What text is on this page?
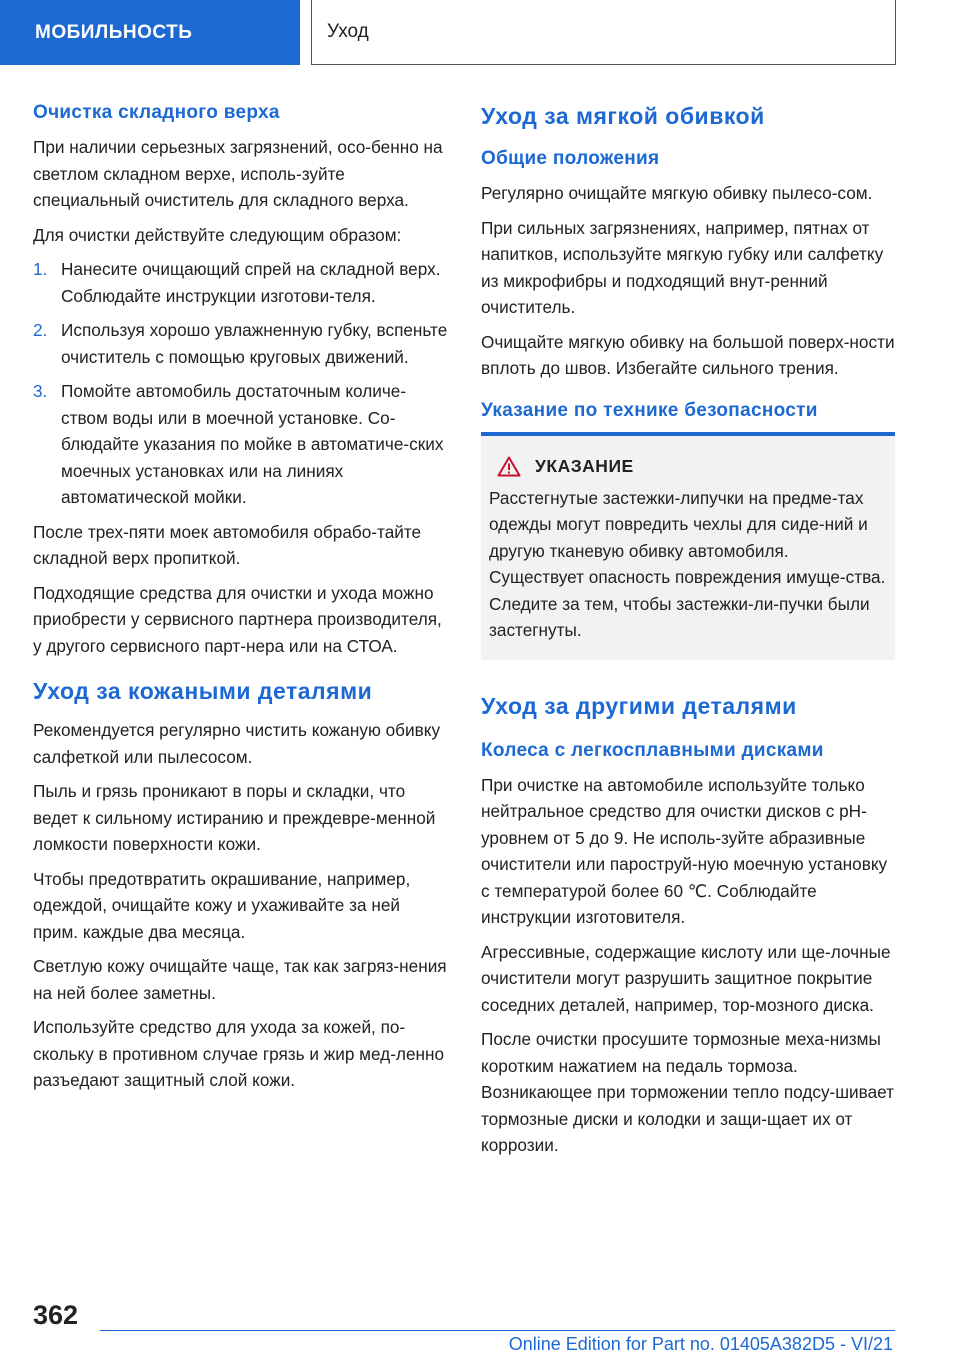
МОБИЛЬНОСТЬ	Уход
Очистка складного верха

При наличии серьезных загрязнений, осо-бенно на светлом складном верхе, исполь-зуйте специальный очиститель для складного верха.

Для очистки действуйте следующим образом:

1. Нанесите очищающий спрей на складной верх. Соблюдайте инструкции изготови-теля.
2. Используя хорошо увлажненную губку, вспеньте очиститель с помощью круговых движений.
3. Помойте автомобиль достаточным количе-ством воды или в моечной установке. Со-блюдайте указания по мойке в автоматиче-ских моечных установках или на линиях автоматической мойки.

После трех-пяти моек автомобиля обрабо-тайте складной верх пропиткой.

Подходящие средства для очистки и ухода можно приобрести у сервисного партнера производителя, у другого сервисного парт-нера или на СТОА.

Уход за кожаными деталями

Рекомендуется регулярно чистить кожаную обивку салфеткой или пылесосом.

Пыль и грязь проникают в поры и складки, что ведет к сильному истиранию и преждевре-менной ломкости поверхности кожи.

Чтобы предотвратить окрашивание, например, одеждой, очищайте кожу и ухаживайте за ней прим. каждые два месяца.

Светлую кожу очищайте чаще, так как загряз-нения на ней более заметны.

Используйте средство для ухода за кожей, по-скольку в противном случае грязь и жир мед-ленно разъедают защитный слой кожи.

Уход за мягкой обивкой
Общие положения

Регулярно очищайте мягкую обивку пылесо-сом.

При сильных загрязнениях, например, пятнах от напитков, используйте мягкую губку или салфетку из микрофибры и подходящий внут-ренний очиститель.

Очищайте мягкую обивку на большой поверх-ности вплоть до швов. Избегайте сильного трения.

Указание по технике безопасности
УКАЗАНИЕ

Расстегнутые застежки-липучки на предме-тах одежды могут повредить чехлы для сиде-ний и другую тканевую обивку автомобиля. Существует опасность повреждения имуще-ства. Следите за тем, чтобы застежки-ли-пучки были застегнуты.

Уход за другими деталями
Колеса с легкосплавными дисками

При очистке на автомобиле используйте только нейтральное средство для очистки дисков с pH-уровнем от 5 до 9. Не исполь-зуйте абразивные очистители или пароструй-ную моечную установку с температурой более 60 ℃. Соблюдайте инструкции изготовителя.

Агрессивные, содержащие кислоту или ще-лочные очистители могут разрушить защитное покрытие соседних деталей, например, тор-мозного диска.

После очистки просушите тормозные меха-низмы коротким нажатием на педаль тормоза. Возникающее при торможении тепло подсу-шивает тормозные диски и колодки и защи-щает их от коррозии.

362
Online Edition for Part no. 01405A382D5 - VI/21
